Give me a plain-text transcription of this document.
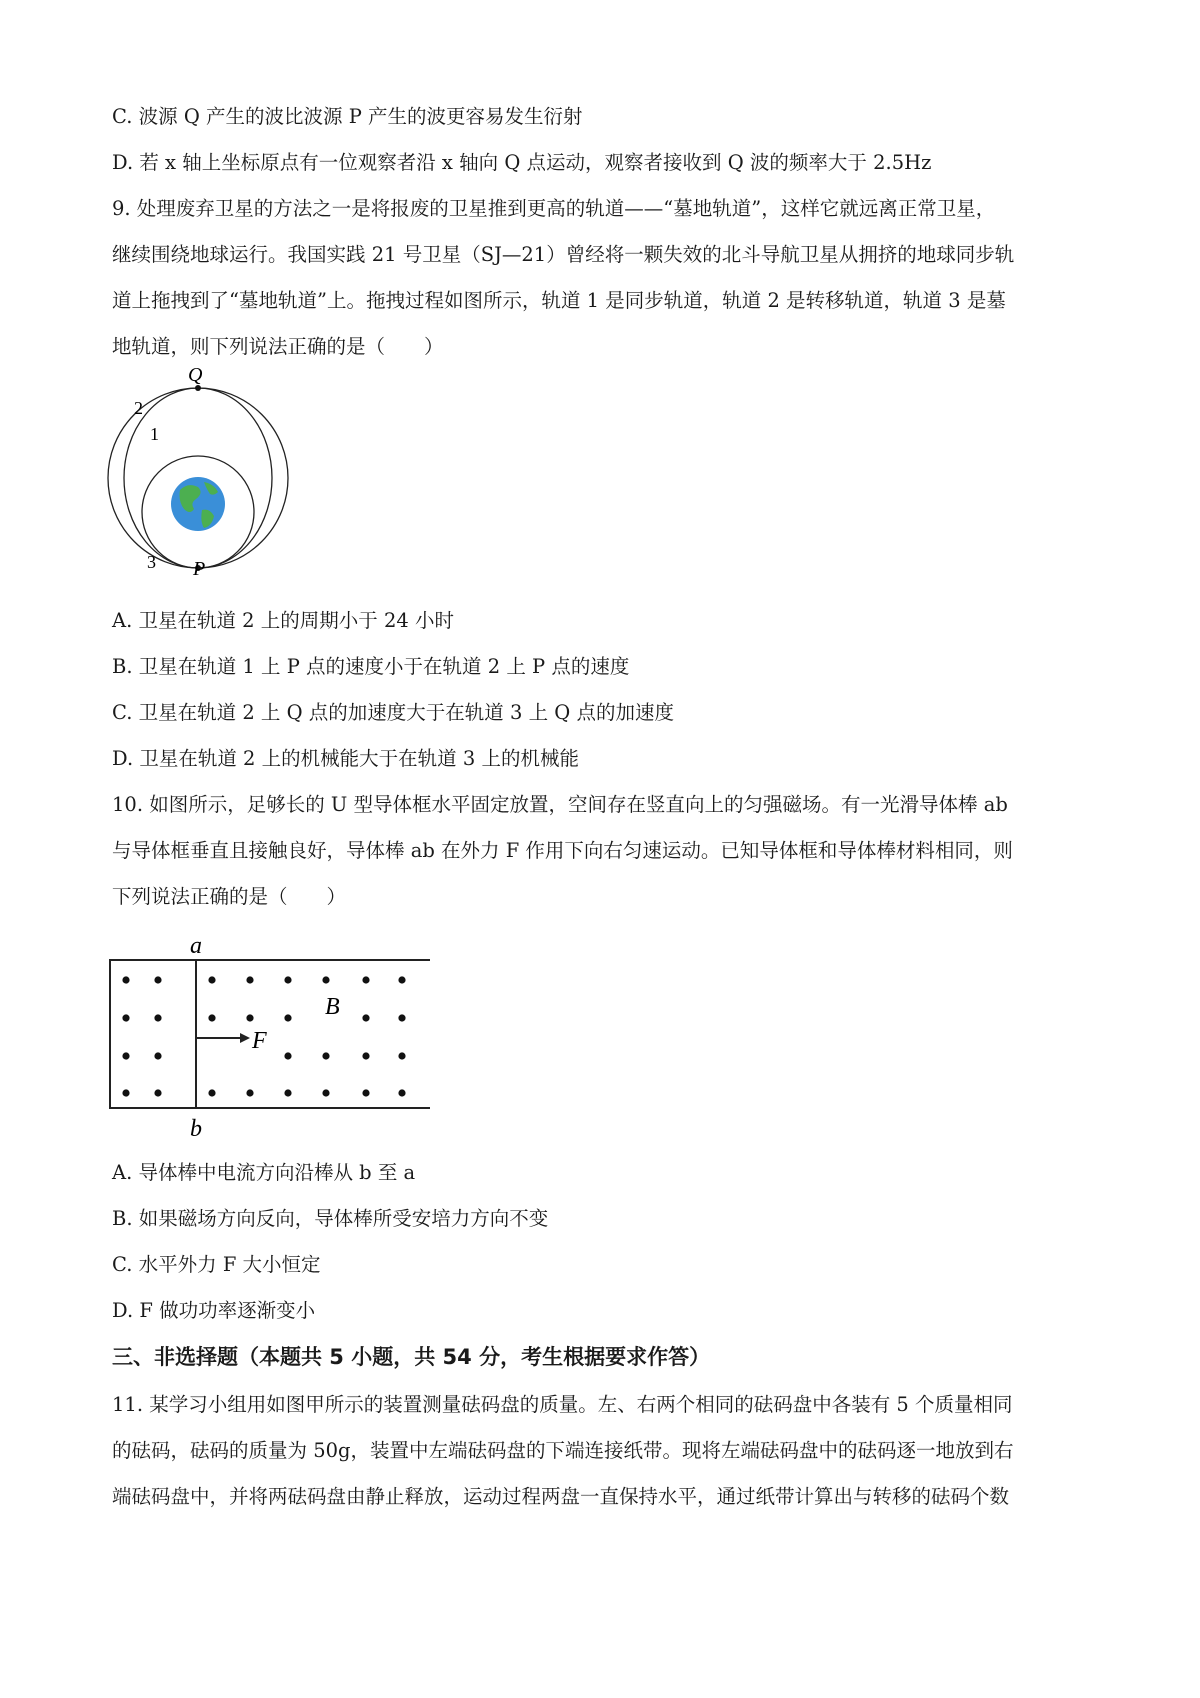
C. 波源 Q 产生的波比波源 P 产生的波更容易发生衍射
D. 若 x 轴上坐标原点有一位观察者沿 x 轴向 Q 点运动，观察者接收到 Q 波的频率大于 2.5Hz
9. 处理废弃卫星的方法之一是将报废的卫星推到更高的轨道——“墓地轨道”，这样它就远离正常卫星，
继续围绕地球运行。我国实践 21 号卫星（SJ—21）曾经将一颗失效的北斗导航卫星从拥挤的地球同步轨
道上拖拽到了“墓地轨道”上。拖拽过程如图所示，轨道 1 是同步轨道，轨道 2 是转移轨道，轨道 3 是墓
地轨道，则下列说法正确的是（　　）
Q
P
1
2
3
A. 卫星在轨道 2 上的周期小于 24 小时
B. 卫星在轨道 1 上 P 点的速度小于在轨道 2 上 P 点的速度
C. 卫星在轨道 2 上 Q 点的加速度大于在轨道 3 上 Q 点的加速度
D. 卫星在轨道 2 上的机械能大于在轨道 3 上的机械能
10. 如图所示，足够长的 U 型导体框水平固定放置，空间存在竖直向上的匀强磁场。有一光滑导体棒 ab
与导体框垂直且接触良好，导体棒 ab 在外力 F 作用下向右匀速运动。已知导体框和导体棒材料相同，则
下列说法正确的是（　　）
a
b
B
F
A. 导体棒中电流方向沿棒从 b 至 a
B. 如果磁场方向反向，导体棒所受安培力方向不变
C. 水平外力 F 大小恒定
D. F 做功功率逐渐变小
三、非选择题（本题共 5 小题，共 54 分，考生根据要求作答）
11. 某学习小组用如图甲所示的装置测量砝码盘的质量。左、右两个相同的砝码盘中各装有 5 个质量相同
的砝码，砝码的质量为 50g，装置中左端砝码盘的下端连接纸带。现将左端砝码盘中的砝码逐一地放到右
端砝码盘中，并将两砝码盘由静止释放，运动过程两盘一直保持水平，通过纸带计算出与转移的砝码个数
